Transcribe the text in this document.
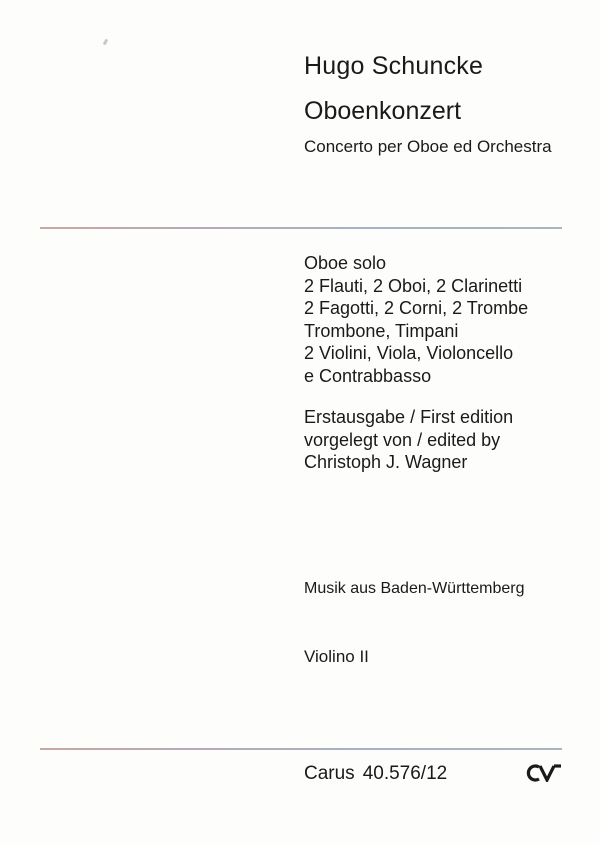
Hugo Schuncke
Oboenkonzert
Concerto per Oboe ed Orchestra
Oboe solo
2 Flauti, 2 Oboi, 2 Clarinetti
2 Fagotti, 2 Corni, 2 Trombe
Trombone, Timpani
2 Violini, Viola, Violoncello
e Contrabbasso
Erstausgabe / First edition
vorgelegt von / edited by
Christoph J. Wagner
Musik aus Baden-Württemberg
Violino II
Carus 40.576/12
